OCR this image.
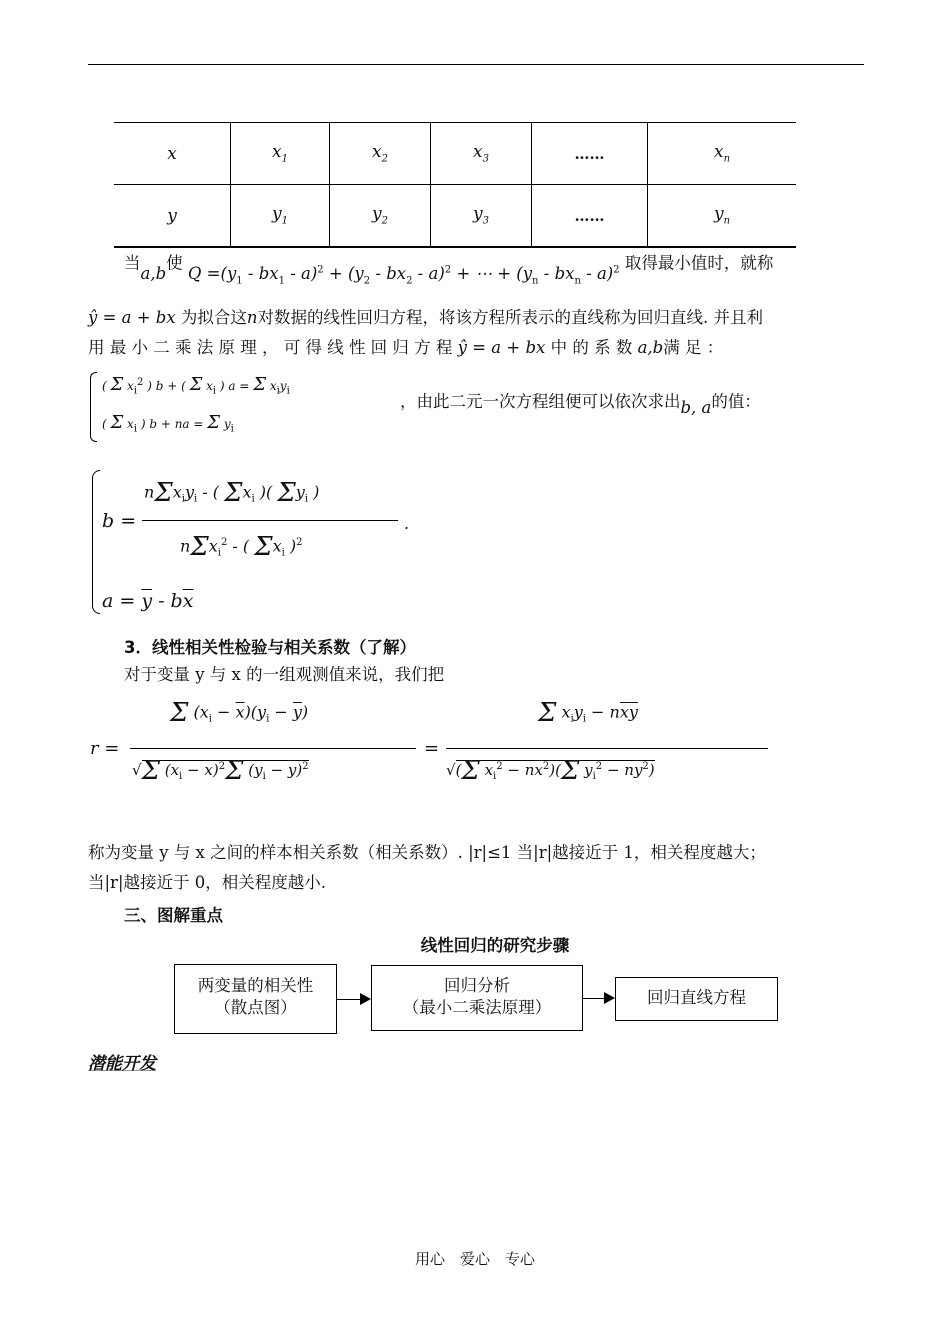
x	$x_1$	$x_2$	$x_3$	……	$x_n$
y	$y_1$	$y_2$	$y_3$	……	$y_n$
当a,b使 $Q =(y_1 - bx_1 - a)^2 + (y_2 - bx_2 - a)^2$ + ⋯ + $(y_n - bx_n - a)^2$ 取得最小值时，就称
ŷ = a + bx 为拟合这n对数据的线性回归方程，将该方程所表示的直线称为回归直线. 并且利
用 最 小 二 乘 法 原 理 ， 可 得 线 性 回 归 方 程 ŷ = a + bx 中 的 系 数 a,b满 足 ：
( Σ $x_i^2$ ) b + ( Σ $x_i$ ) a = Σ $x_iy_i$
( Σ $x_i$ ) b + na = Σ $y_i$
，由此二元一次方程组便可以依次求出b, a的值：
b =
$n\Sigma x_iy_i$ - ( $\Sigma x_i$ )( $\Sigma y_i$ )
nΣx$_i^2$ - ( $\Sigma x_i$ )$^2$
.
$a = \overline{y} - b\overline{x}$
3．线性相关性检验与相关系数（了解）
对于变量 y 与 x 的一组观测值来说，我们把
r =
Σ $(x_i - \overline{x})(y_i - \overline{y})$
√Σ $(x_i - \overline{x})^2\Sigma$ $(y_i - \overline{y})^2$
=
Σ $x_iy_i - n\overline{x}\overline{y}$
√(Σ $x_i^2 - n\overline{x}^2)(\Sigma$ $y_i^2 - n\overline{y}^2$)
称为变量 y 与 x 之间的样本相关系数（相关系数）. |r|≤1 当|r|越接近于 1，相关程度越大；
当|r|越接近于 0，相关程度越小.
三、图解重点
线性回归的研究步骤
两变量的相关性
（散点图）
回归分析
（最小二乘法原理）
回归直线方程
潜能开发
用心　爱心　专心
